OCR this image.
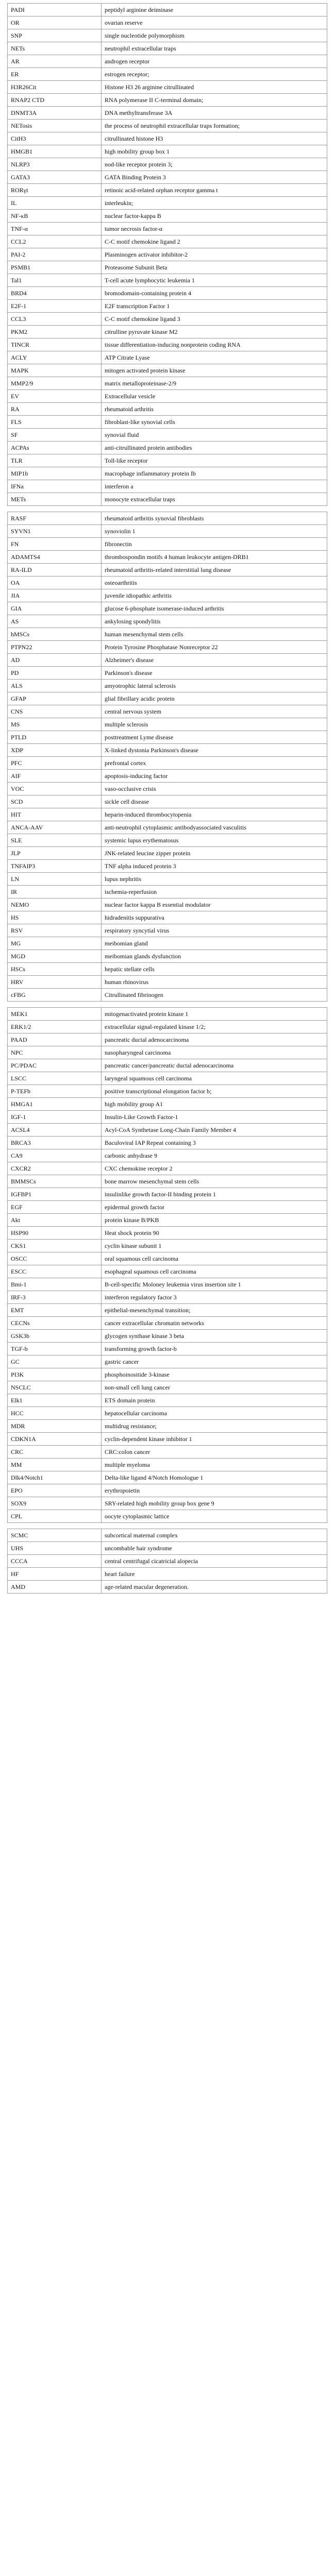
PADI	peptidyl arginine deiminase
OR	ovarian reserve
SNP	single nucleotide polymorphism
NETs	neutrophil extracellular traps
AR	androgen receptor
ER	estrogen receptor;
H3R26Cit	Histone H3 26 arginine citrullinated
RNAP2 CTD	RNA polymerase II C-terminal domain;
DNMT3A	DNA methyltransferase 3A
NETosis	the process of neutrophil extracellular traps formation;
CitH3	citrullinated histone H3
HMGB1	high mobility group box 1
NLRP3	nod-like receptor protein 3;
GATA3	GATA Binding Protein 3
RORγt	retinoic acid-related orphan receptor gamma t
IL	interleukin;
NF-κB	nuclear factor-kappa B
TNF-α	tumor necrosis factor-α
CCL2	C-C motif chemokine ligand 2
PAI-2	Plasminogen activator inhibitor-2
PSMB1	Proteasome Subunit Beta
Tal1	T-cell acute lymphocytic leukemia 1
BRD4	bromodomain-containing protein 4
E2F-1	E2F transcription Factor 1
CCL3	C-C motif chemokine ligand 3
PKM2	citrulline pyruvate kinase M2
TINCR	tissue differentiation-inducing nonprotein coding RNA
ACLY	ATP Citrate Lyase
MAPK	mitogen activated protein kinase
MMP2/9	matrix metalloproteinase-2/9
EV	Extracellular vesicle
RA	rheumatoid arthritis
FLS	fibroblast-like synovial cells
SF	synovial fluid
ACPAs	anti-citrullinated protein antibodies
TLR	Toll-like receptor
MIP1b	macrophage inflammatory protein Ib
IFNa	interferon a
METs	monocyte extracellular traps

RASF	rheumatoid arthritis synovial fibroblasts
SYVN1	synoviolin 1
FN	fibronectin
ADAMTS4	thrombospondin motifs 4 human leukocyte antigen-DRB1
RA-ILD	rheumatoid arthritis-related interstitial lung disease
OA	osteoarthritis
JIA	juvenile idiopathic arthritis
GIA	glucose 6-phosphate isomerase-induced arthritis
AS	ankylosing spondylitis
hMSCs	human mesenchymal stem cells
PTPN22	Protein Tyrosine Phosphatase Nonreceptor 22
AD	Alzheimer's disease
PD	Parkinson's disease
ALS	amyotrophic lateral sclerosis
GFAP	glial fibrillary acidic protein
CNS	central nervous system
MS	multiple sclerosis
PTLD	posttreatment Lyme disease
XDP	X-linked dystonia Parkinson's disease
PFC	prefrontal cortex
AIF	apoptosis-inducing factor
VOC	vaso-occlusive crisis
SCD	sickle cell disease
HIT	heparin-induced thrombocytopenia
ANCA-AAV	anti-neutrophil cytoplasmic antibodyassociated vasculitis
SLE	systemic lupus erythematosus
JLP	JNK-related leucine zipper protein
TNFAIP3	TNF alpha induced protein 3
LN	lupus nephritis
IR	ischemia-reperfusion
NEMO	nuclear factor kappa B essential modulator
HS	hidradenitis suppurativa
RSV	respiratory syncytial virus
MG	meibomian gland
MGD	meibomian glands dysfunction
HSCs	hepatic stellate cells
HRV	human rhinovirus
cFBG	Citrullinated fibrinogen

MEK1	mitogenactivated protein kinase 1
ERK1/2	extracellular signal-regulated kinase 1/2;
PAAD	pancreatic ductal adenocarcinoma
NPC	nasopharyngeal carcinoma
PC/PDAC	pancreatic cancer/pancreatic ductal adenocarcinoma
LSCC	laryngeal squamous cell carcinoma
P-TEFb	positive transcriptional elongation factor b;
HMGA1	high mobility group A1
IGF-1	Insulin-Like Growth Factor-1
ACSL4	Acyl-CoA Synthetase Long-Chain Family Member 4
BRCA3	Baculoviral IAP Repeat containing 3
CA9	carbonic anhydrase 9
CXCR2	CXC chemokine receptor 2
BMMSCs	bone marrow mesenchymal stem cells
IGFBP1	insulinlike growth factor-II binding protein 1
EGF	epidermal growth factor
Akt	protein kinase B/PKB
HSP90	Heat shock protein 90
CKS1	cyclin kinase subunit 1
OSCC	oral squamous cell carcinoma
ESCC	esophageal squamous cell carcinoma
Bmi-1	B-cell-specific Moloney leukemia virus insertion site 1
IRF-3	interferon regulatory factor 3
EMT	epithelial-mesenchymal transition;
CECNs	cancer extracellular chromatin networks
GSK3b	glycogen synthase kinase 3 beta
TGF-b	transforming growth factor-b
GC	gastric cancer
PI3K	phosphoinositide 3-kinase
NSCLC	non-small cell lung cancer
Elk1	ETS domain protein
HCC	hepatocellular carcinoma
MDR	multidrug resistance;
CDKN1A	cyclin-dependent kinase inhibitor 1
CRC	CRC:colon cancer
MM	multiple myeloma
Dlk4/Notch1	Delta-like ligand 4/Notch Homologue 1
EPO	erythropoietin
SOX9	SRY-related high mobility group box gene 9
CPL	oocyte cytoplasmic lattice

SCMC	subcortical maternal complex
UHS	uncombable hair syndrome
CCCA	central centrifugal cicatricial alopecia
HF	heart failure
AMD	age-related macular degeneration.
